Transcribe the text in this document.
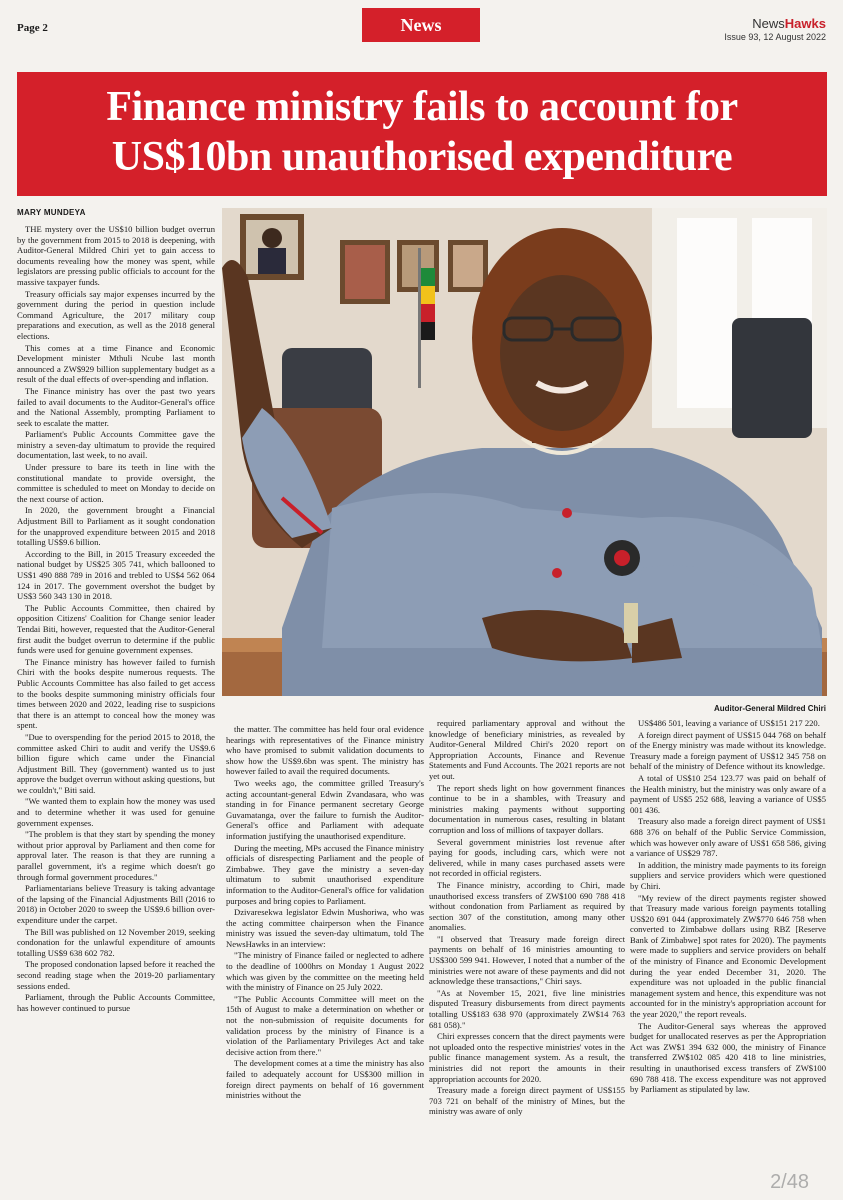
Page 2	News	NewsHawks
Issue 93, 12 August 2022
Finance ministry fails to account for US$10bn unauthorised expenditure
MARY MUNDEYA

THE mystery over the US$10 billion budget overrun by the government from 2015 to 2018 is deepening, with Auditor-General Mildred Chiri yet to gain access to documents revealing how the money was spent, while legislators are pressing public officials to account for the massive taxpayer funds.

Treasury officials say major expenses incurred by the government during the period in question include Command Agriculture, the 2017 military coup preparations and execution, as well as the 2018 general elections.

This comes at a time Finance and Economic Development minister Mthuli Ncube last month announced a ZW$929 billion supplementary budget as a result of the dual effects of over-spending and inflation.

The Finance ministry has over the past two years failed to avail documents to the Auditor-General's office and the National Assembly, prompting Parliament to seek to escalate the matter.

Parliament's Public Accounts Committee gave the ministry a seven-day ultimatum to provide the required documentation, last week, to no avail.

Under pressure to bare its teeth in line with the constitutional mandate to provide oversight, the committee is scheduled to meet on Monday to decide on the next course of action.

In 2020, the government brought a Financial Adjustment Bill to Parliament as it sought condonation for the unapproved expenditure between 2015 and 2018 totalling US$9.6 billion.

According to the Bill, in 2015 Treasury exceeded the national budget by US$25 305 741, which ballooned to US$1 490 888 789 in 2016 and trebled to US$4 562 064 124 in 2017. The government overshot the budget by US$3 560 343 130 in 2018.

The Public Accounts Committee, then chaired by opposition Citizens' Coalition for Change senior leader Tendai Biti, however, requested that the Auditor-General first audit the budget overrun to determine if the public funds were used for genuine government expenses.

The Finance ministry has however failed to furnish Chiri with the books despite numerous requests. The Public Accounts Committee has also failed to get access to the books despite summoning ministry officials four times between 2020 and 2022, leading rise to suspicions that there is an attempt to conceal how the money was spent.

"Due to overspending for the period 2015 to 2018, the committee asked Chiri to audit and verify the US$9.6 billion figure which came under the Financial Adjustment Bill. They (government) wanted us to just approve the budget overrun without asking questions, but we couldn't," Biti said.

"We wanted them to explain how the money was used and to determine whether it was used for genuine government expenses.

"The problem is that they start by spending the money without prior approval by Parliament and then come for approval later. The reason is that they are running a parallel government, it's a regime which doesn't go through formal government procedures."

Parliamentarians believe Treasury is taking advantage of the lapsing of the Financial Adjustments Bill (2016 to 2018) in October 2020 to sweep the US$9.6 billion over-expenditure under the carpet.

The Bill was published on 12 November 2019, seeking condonation for the unlawful expenditure of amounts totalling US$9 638 602 782.

The proposed condonation lapsed before it reached the second reading stage when the 2019-20 parliamentary sessions ended.

Parliament, through the Public Accounts Committee, has however continued to pursue

Auditor-General Mildred Chiri

the matter. The committee has held four oral evidence hearings with representatives of the Finance ministry who have promised to submit validation documents to show how the US$9.6bn was spent. The ministry has however failed to avail the required documents.

Two weeks ago, the committee grilled Treasury's acting accountant-general Edwin Zvandasara, who was standing in for Finance permanent secretary George Guvamatanga, over the failure to furnish the Auditor-General's office and Parliament with adequate information justifying the unauthorised expenditure.

During the meeting, MPs accused the Finance ministry officials of disrespecting Parliament and the people of Zimbabwe. They gave the ministry a seven-day ultimatum to submit unauthorised expenditure information to the Auditor-General's office for validation purposes and bring copies to Parliament.

Dzivaresekwa legislator Edwin Mushoriwa, who was the acting committee chairperson when the Finance ministry was issued the seven-day ultimatum, told The NewsHawks in an interview:

"The ministry of Finance failed or neglected to adhere to the deadline of 1000hrs on Monday 1 August 2022 which was given by the committee on the meeting held with the ministry of Finance on 25 July 2022.

"The Public Accounts Committee will meet on the 15th of August to make a determination on whether or not the non-submission of requisite documents for validation process by the ministry of Finance is a violation of the Parliamentary Privileges Act and take decisive action from there."

The development comes at a time the ministry has also failed to adequately account for US$300 million in foreign direct payments on behalf of 16 government ministries without the

required parliamentary approval and without the knowledge of beneficiary ministries, as revealed by Auditor-General Mildred Chiri's 2020 report on Appropriation Accounts, Finance and Revenue Statements and Fund Accounts. The 2021 reports are not yet out.

The report sheds light on how government finances continue to be in a shambles, with Treasury and ministries making payments without supporting documentation in numerous cases, resulting in blatant corruption and loss of millions of taxpayer dollars.

Several government ministries lost revenue after paying for goods, including cars, which were not delivered, while in many cases purchased assets were not recorded in official registers.

The Finance ministry, according to Chiri, made unauthorised excess transfers of ZW$100 690 788 418 without condonation from Parliament as required by section 307 of the constitution, among many other anomalies.

"I observed that Treasury made foreign direct payments on behalf of 16 ministries amounting to US$300 599 941. However, I noted that a number of the ministries were not aware of these payments and did not acknowledge these transactions," Chiri says.

"As at November 15, 2021, five line ministries disputed Treasury disbursements from direct payments totalling US$183 638 970 (approximately ZW$14 763 681 058)."

Chiri expresses concern that the direct payments were not uploaded onto the respective ministries' votes in the public finance management system. As a result, the ministries did not report the amounts in their appropriation accounts for 2020.

Treasury made a foreign direct payment of US$155 703 721 on behalf of the ministry of Mines, but the ministry was aware of only

US$486 501, leaving a variance of US$151 217 220.

A foreign direct payment of US$15 044 768 on behalf of the Energy ministry was made without its knowledge. Treasury made a foreign payment of US$12 345 758 on behalf of the ministry of Defence without its knowledge.

A total of US$10 254 123.77 was paid on behalf of the Health ministry, but the ministry was only aware of a payment of US$5 252 688, leaving a variance of US$5 001 436.

Treasury also made a foreign direct payment of US$1 688 376 on behalf of the Public Service Commission, which was however only aware of US$1 658 586, giving a variance of US$29 787.

In addition, the ministry made payments to its foreign suppliers and service providers which were questioned by Chiri.

"My review of the direct payments register showed that Treasury made various foreign payments totalling US$20 691 044 (approximately ZW$770 646 758 when converted to Zimbabwe dollars using RBZ [Reserve Bank of Zimbabwe] spot rates for 2020). The payments were made to suppliers and service providers on behalf of the ministry of Finance and Economic Development during the year ended December 31, 2020. The expenditure was not uploaded in the public financial management system and hence, this expenditure was not accounted for in the ministry's appropriation account for the year 2020," the report reveals.

The Auditor-General says whereas the approved budget for unallocated reserves as per the Appropriation Act was ZW$1 394 632 000, the ministry of Finance transferred ZW$102 085 420 418 to line ministries, resulting in unauthorised excess transfers of ZW$100 690 788 418. The excess expenditure was not approved by Parliament as stipulated by law.

2/48
